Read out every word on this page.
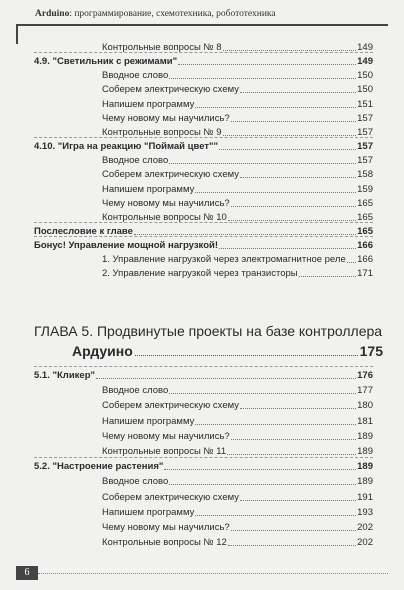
Arduino: программирование, схемотехника, робототехника
Контрольные вопросы № 8	149
4.9. "Светильник с режимами"	149
Вводное слово	150
Соберем электрическую схему	150
Напишем программу	151
Чему новому мы научились?	157
Контрольные вопросы № 9	157
4.10. "Игра на реакцию "Поймай цвет""	157
Вводное слово	157
Соберем электрическую схему	158
Напишем программу	159
Чему новому мы научились?	165
Контрольные вопросы № 10	165
Послесловие к главе	165
Бонус! Управление мощной нагрузкой!	166
1. Управление нагрузкой через электромагнитное реле 166
2. Управление нагрузкой через транзисторы	171
ГЛАВА 5. Продвинутые проекты на базе контроллера
Ардуино	175
5.1. "Кликер"	176
Вводное слово	177
Соберем электрическую схему	180
Напишем программу	181
Чему новому мы научились?	189
Контрольные вопросы № 11	189
5.2. "Настроение растения"	189
Вводное слово	189
Соберем электрическую схему	191
Напишем программу	193
Чему новому мы научились?	202
Контрольные вопросы № 12	202
6
